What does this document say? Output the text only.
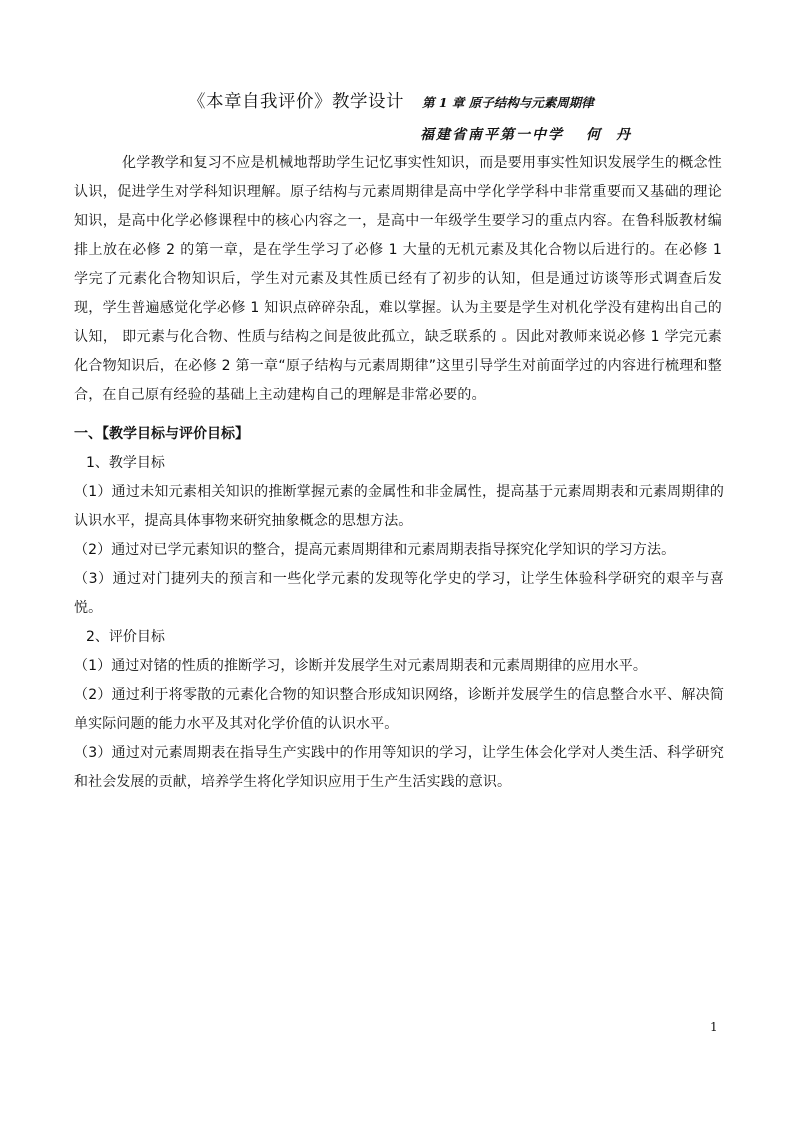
《本章自我评价》教学设计 第 1 章 原子结构与元素周期律
福建省南平第一中学 何丹

化学教学和复习不应是机械地帮助学生记忆事实性知识，而是要用事实性知识发展学生的概念性认识，促进学生对学科知识理解。原子结构与元素周期律是高中学化学学科中非常重要而又基础的理论知识，是高中化学必修课程中的核心内容之一，是高中一年级学生要学习的重点内容。在鲁科版教材编排上放在必修 2 的第一章，是在学生学习了必修 1 大量的无机元素及其化合物以后进行的。在必修 1 学完了元素化合物知识后，学生对元素及其性质已经有了初步的认知，但是通过访谈等形式调查后发现，学生普遍感觉化学必修 1 知识点碎碎杂乱，难以掌握。认为主要是学生对机化学没有建构出自己的认知， 即元素与化合物、性质与结构之间是彼此孤立，缺乏联系的 。因此对教师来说必修 1 学完元素化合物知识后，在必修 2 第一章“原子结构与元素周期律”这里引导学生对前面学过的内容进行梳理和整合，在自己原有经验的基础上主动建构自己的理解是非常必要的。

一、【教学目标与评价目标】
1、教学目标

（1）通过未知元素相关知识的推断掌握元素的金属性和非金属性，提高基于元素周期表和元素周期律的认识水平，提高具体事物来研究抽象概念的思想方法。

（2）通过对已学元素知识的整合，提高元素周期律和元素周期表指导探究化学知识的学习方法。

（3）通过对门捷列夫的预言和一些化学元素的发现等化学史的学习，让学生体验科学研究的艰辛与喜悦。

2、评价目标

（1）通过对锗的性质的推断学习，诊断并发展学生对元素周期表和元素周期律的应用水平。

（2）通过利于将零散的元素化合物的知识整合形成知识网络，诊断并发展学生的信息整合水平、解决简单实际问题的能力水平及其对化学价值的认识水平。

（3）通过对元素周期表在指导生产实践中的作用等知识的学习，让学生体会化学对人类生活、科学研究和社会发展的贡献，培养学生将化学知识应用于生产生活实践的意识。

1
